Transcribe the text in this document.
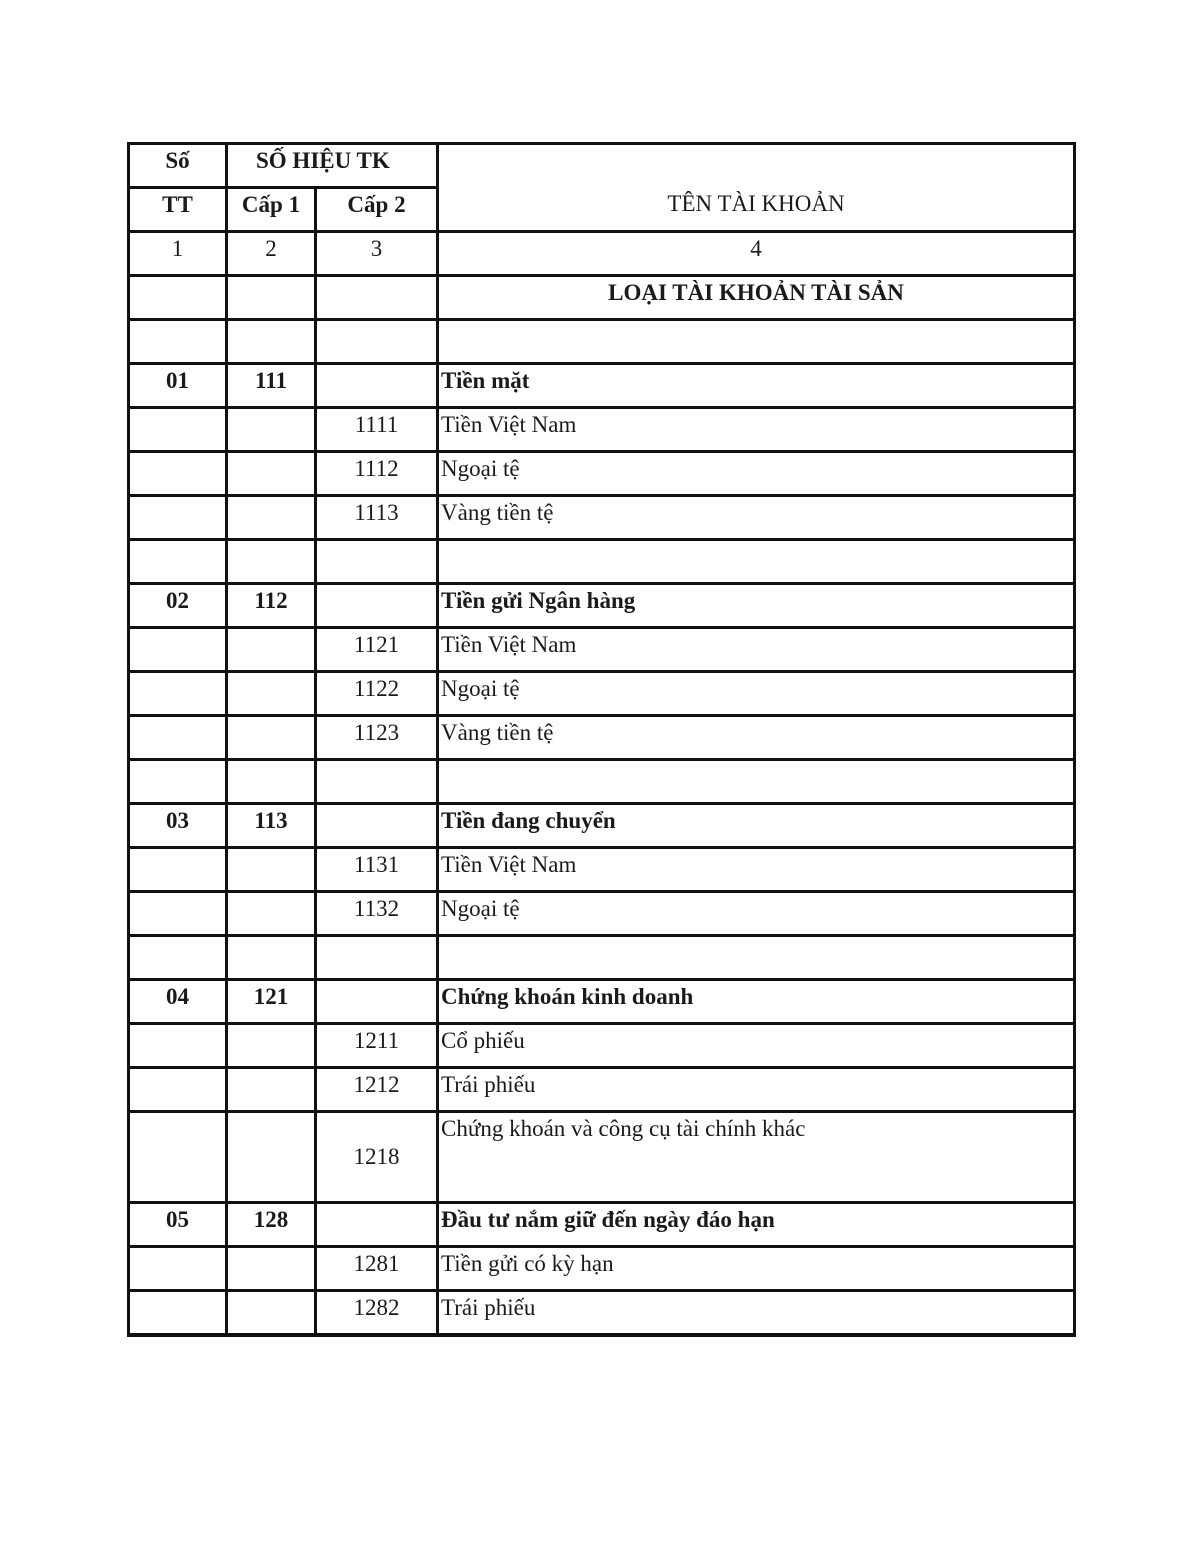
Số	SỐ HIỆU TK		
TT	Cấp 1	Cấp 2	TÊN TÀI KHOẢN
1	2	3	4
			LOẠI TÀI KHOẢN TÀI SẢN

01	111		Tiền mặt
		1111	Tiền Việt Nam
		1112	Ngoại tệ
		1113	Vàng tiền tệ

02	112		Tiền gửi Ngân hàng
		1121	Tiền Việt Nam
		1122	Ngoại tệ
		1123	Vàng tiền tệ

03	113		Tiền đang chuyển
		1131	Tiền Việt Nam
		1132	Ngoại tệ

04	121		Chứng khoán kinh doanh
		1211	Cổ phiếu
		1212	Trái phiếu
		1218	Chứng khoán và công cụ tài chính khác
05	128		Đầu tư nắm giữ đến ngày đáo hạn
		1281	Tiền gửi có kỳ hạn
		1282	Trái phiếu
